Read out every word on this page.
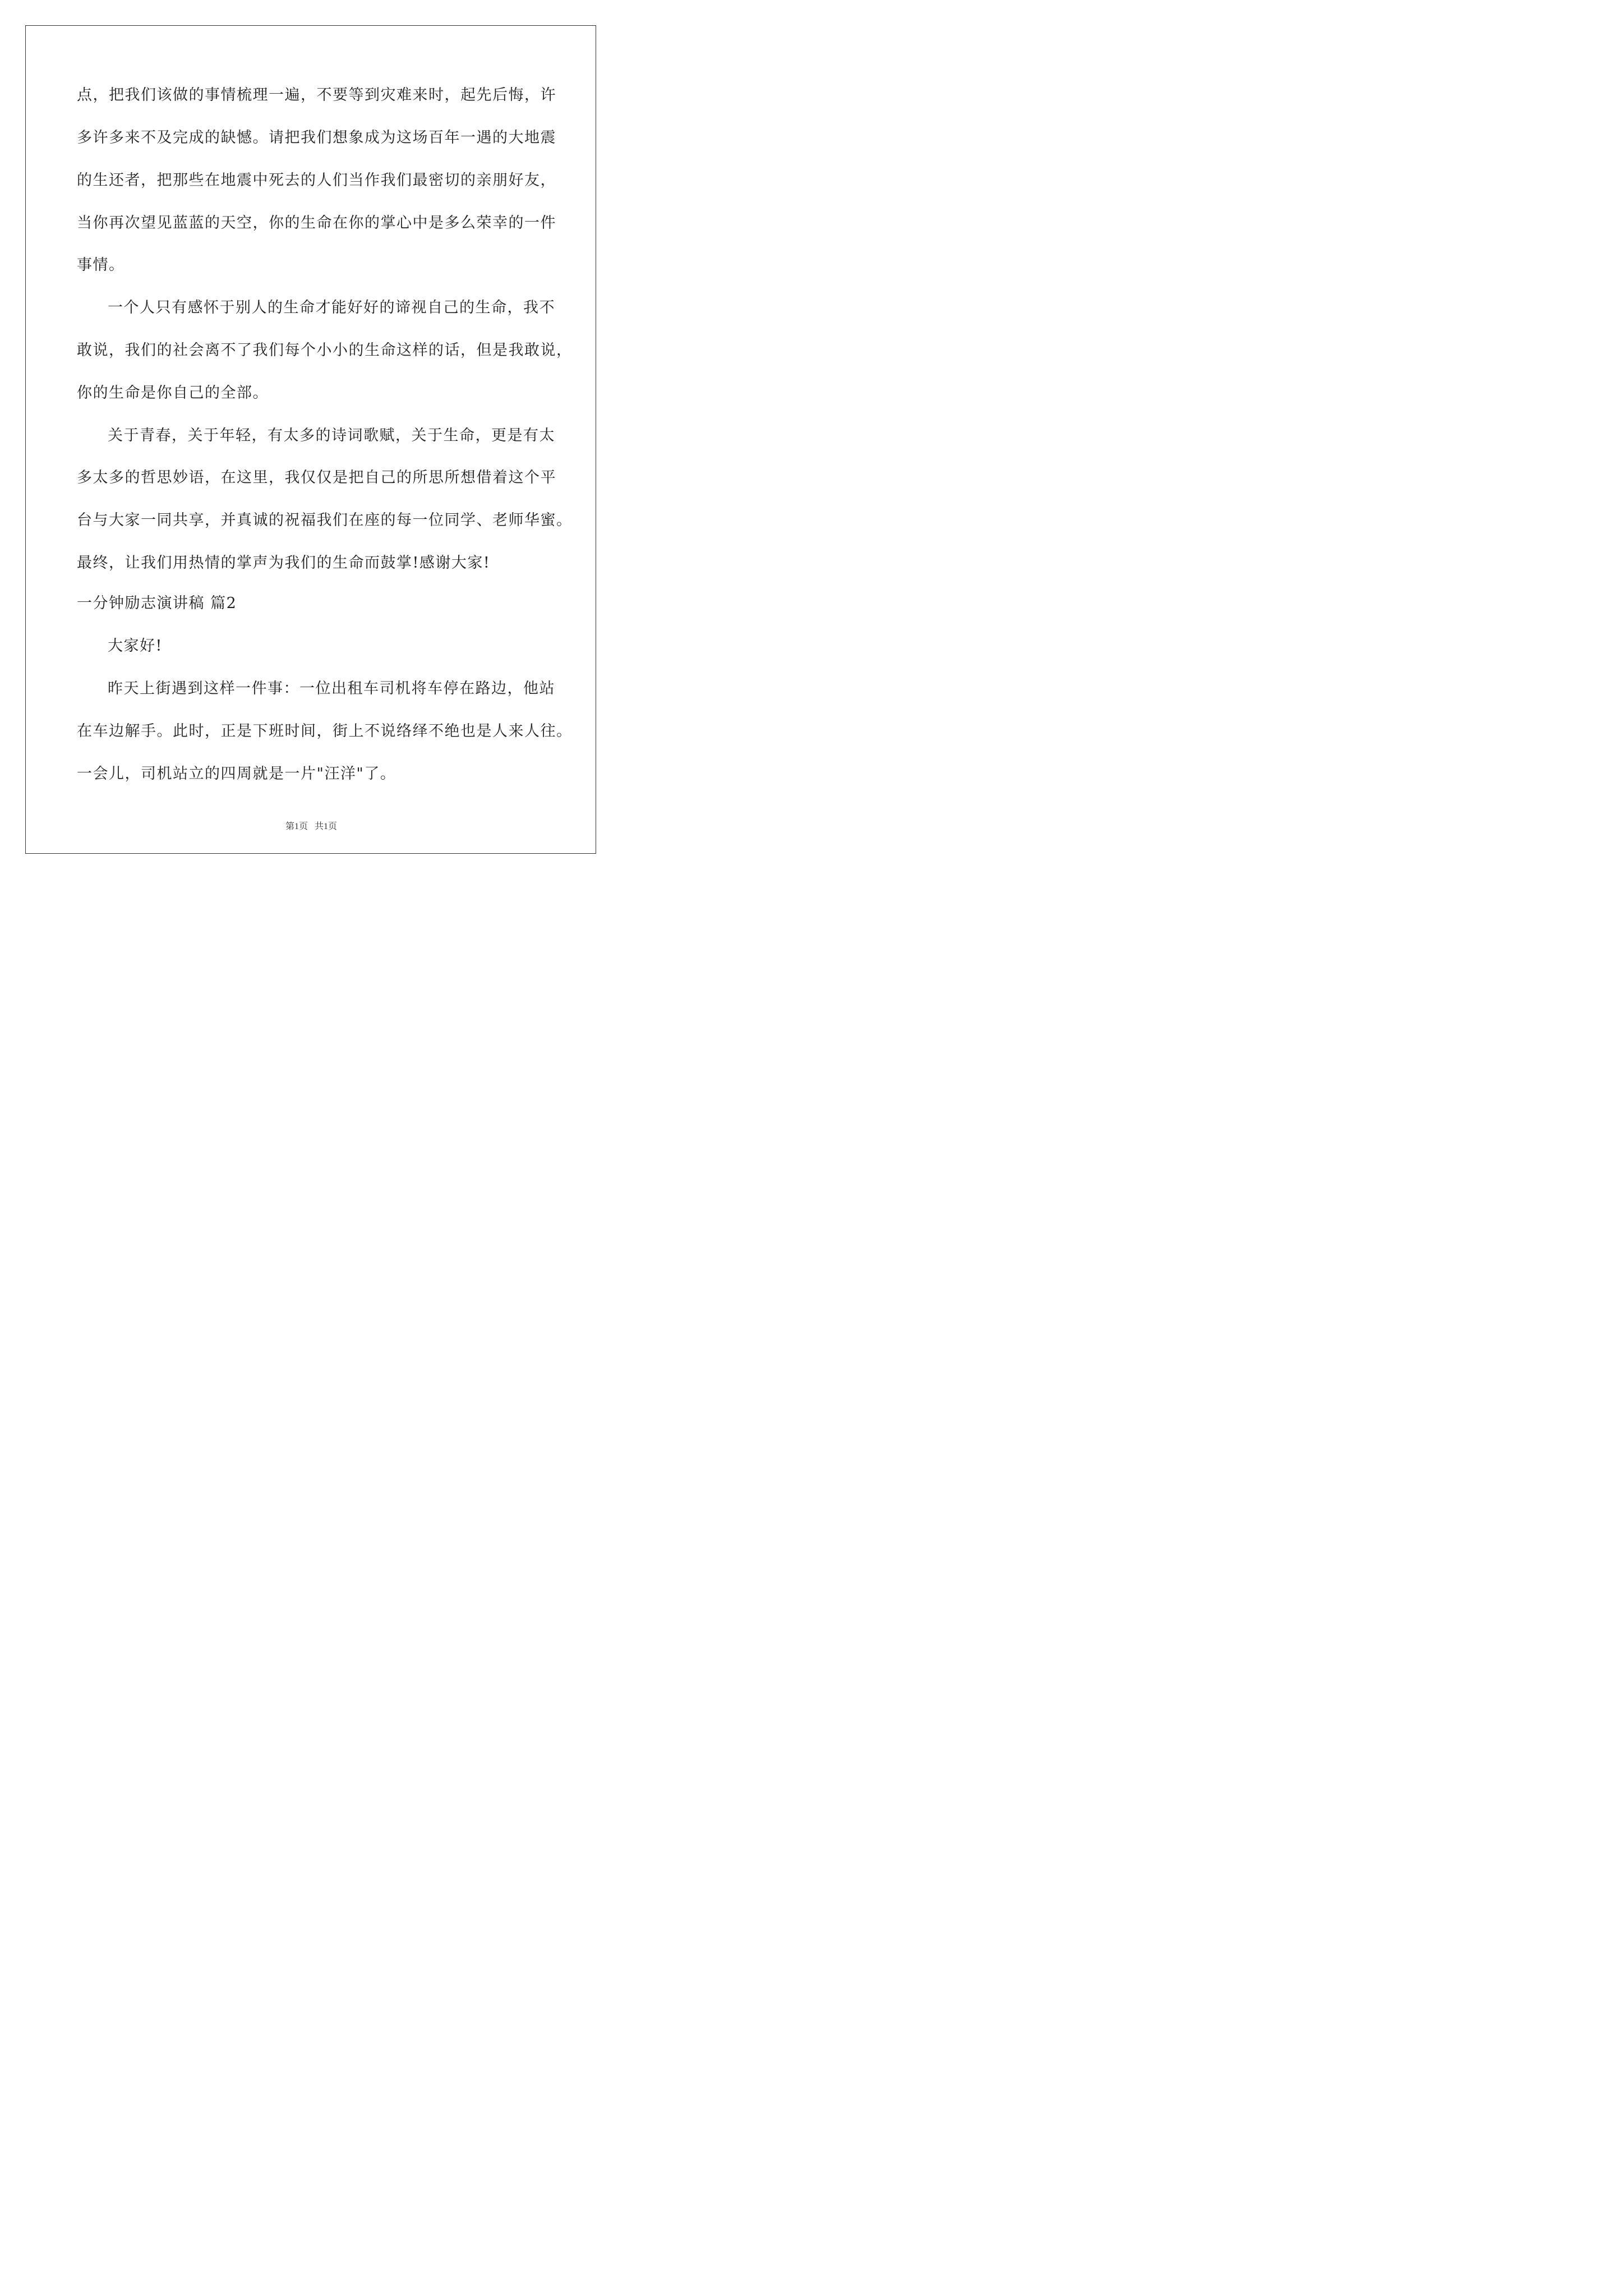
点，把我们该做的事情梳理一遍，不要等到灾难来时，起先后悔，许
多许多来不及完成的缺憾。请把我们想象成为这场百年一遇的大地震
的生还者，把那些在地震中死去的人们当作我们最密切的亲朋好友，
当你再次望见蓝蓝的天空，你的生命在你的掌心中是多么荣幸的一件
事情。
一个人只有感怀于别人的生命才能好好的谛视自己的生命，我不
敢说，我们的社会离不了我们每个小小的生命这样的话，但是我敢说，
你的生命是你自己的全部。
关于青春，关于年轻，有太多的诗词歌赋，关于生命，更是有太
多太多的哲思妙语，在这里，我仅仅是把自己的所思所想借着这个平
台与大家一同共享，并真诚的祝福我们在座的每一位同学、老师华蜜。
最终，让我们用热情的掌声为我们的生命而鼓掌!感谢大家!
一分钟励志演讲稿 篇2
大家好!
昨天上街遇到这样一件事：一位出租车司机将车停在路边，他站
在车边解手。此时，正是下班时间，街上不说络绎不绝也是人来人往。
一会儿，司机站立的四周就是一片"汪洋"了。
第1页   共1页
